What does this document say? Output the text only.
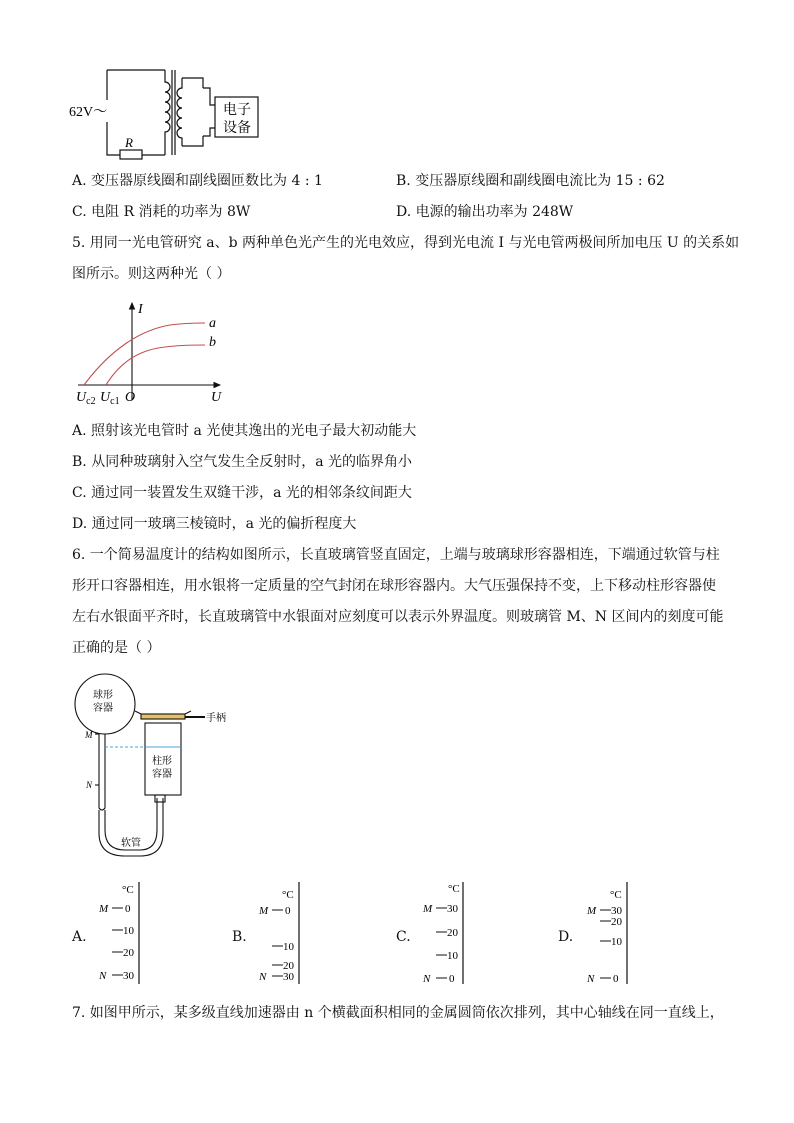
62V～
R
电子
设备
A. 变压器原线圈和副线圈匝数比为 4 : 1	B. 变压器原线圈和副线圈电流比为 15 : 62
C. 电阻 R 消耗的功率为 8W	D. 电源的输出功率为 248W
5. 用同一光电管研究 a、b 两种单色光产生的光电效应，得到光电流 I 与光电管两极间所加电压 U 的关系如
图所示。则这两种光（ ）
I
U
a
b
O
$U_{c2}$ $U_{c1}$
A. 照射该光电管时 a 光使其逸出的光电子最大初动能大
B. 从同种玻璃射入空气发生全反射时，a 光的临界角小
C. 通过同一装置发生双缝干涉，a 光的相邻条纹间距大
D. 通过同一玻璃三棱镜时，a 光的偏折程度大
6. 一个简易温度计的结构如图所示，长直玻璃管竖直固定，上端与玻璃球形容器相连，下端通过软管与柱
形开口容器相连，用水银将一定质量的空气封闭在球形容器内。大气压强保持不变，上下移动柱形容器使
左右水银面平齐时，长直玻璃管中水银面对应刻度可以表示外界温度。则玻璃管 M、N 区间内的刻度可能
正确的是（ ）
球形
容器
手柄
柱形
容器
软管
M
N
A.
°C
M
N
0
10
20
30
B.
°C
M
N
0
10
20
30
C.
°C
M
N
30
20
10
0
D.
°C
M
N
30
20
10
0
7. 如图甲所示，某多级直线加速器由 n 个横截面积相同的金属圆筒依次排列，其中心轴线在同一直线上，
